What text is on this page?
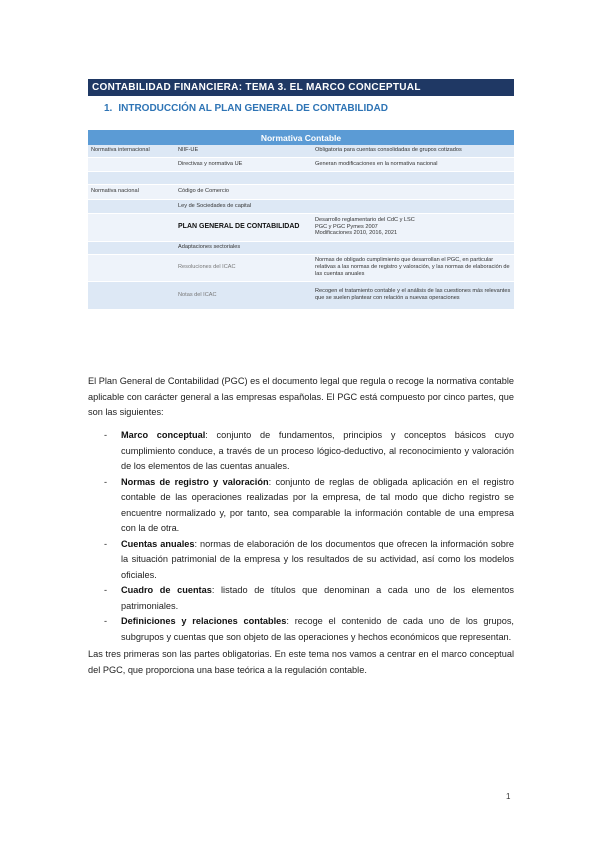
CONTABILIDAD FINANCIERA: TEMA 3. EL MARCO CONCEPTUAL
1. INTRODUCCIÓN AL PLAN GENERAL DE CONTABILIDAD
Normativa Contable		
Normativa internacional	NIIF-UE	Obligatoria para cuentas consolidadas de grupos cotizados
	Directivas y normativa UE	Generan modificaciones en la normativa nacional

Normativa nacional	Código de Comercio	
	Ley de Sociedades de capital	
	PLAN GENERAL DE CONTABILIDAD	Desarrollo reglamentario del CdC y LSC
PGC y PGC Pymes 2007
Modificaciones 2010, 2016, 2021
	Adaptaciones sectoriales	
	Resoluciones del ICAC	Normas de obligado cumplimiento que desarrollan el PGC, en particular relativas a las normas de registro y valoración, y las normas de elaboración de las cuentas anuales
	Notas del ICAC	Recogen el tratamiento contable y el análisis de las cuestiones más relevantes que se suelen plantear con relación a nuevas operaciones

El Plan General de Contabilidad (PGC) es el documento legal que regula o recoge la normativa contable aplicable con carácter general a las empresas españolas. El PGC está compuesto por cinco partes, que son las siguientes:

- Marco conceptual: conjunto de fundamentos, principios y conceptos básicos cuyo cumplimiento conduce, a través de un proceso lógico-deductivo, al reconocimiento y valoración de los elementos de las cuentas anuales.
- Normas de registro y valoración: conjunto de reglas de obligada aplicación en el registro contable de las operaciones realizadas por la empresa, de tal modo que dicho registro se encuentre normalizado y, por tanto, sea comparable la información contable de una empresa con la de otra.
- Cuentas anuales: normas de elaboración de los documentos que ofrecen la información sobre la situación patrimonial de la empresa y los resultados de su actividad, así como los modelos oficiales.
- Cuadro de cuentas: listado de títulos que denominan a cada uno de los elementos patrimoniales.
- Definiciones y relaciones contables: recoge el contenido de cada uno de los grupos, subgrupos y cuentas que son objeto de las operaciones y hechos económicos que representan.

Las tres primeras son las partes obligatorias. En este tema nos vamos a centrar en el marco conceptual del PGC, que proporciona una base teórica a la regulación contable.

1
